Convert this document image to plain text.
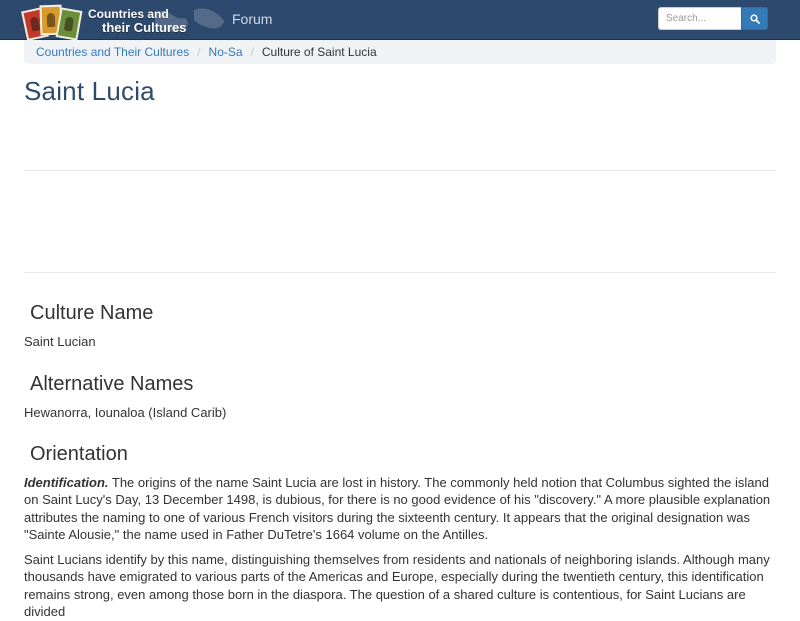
Countries and
their Cultures
Forum
Search...
Countries and Their Cultures / No-Sa / Culture of Saint Lucia
Saint Lucia
Culture Name

Saint Lucian

Alternative Names

Hewanorra, Iounaloa (Island Carib)

Orientation

Identification. The origins of the name Saint Lucia are lost in history. The commonly held notion that Columbus sighted the island on Saint Lucy's Day, 13 December 1498, is dubious, for there is no good evidence of his "discovery." A more plausible explanation attributes the naming to one of various French visitors during the sixteenth century. It appears that the original designation was "Sainte Alousie," the name used in Father DuTetre's 1664 volume on the Antilles.

Saint Lucians identify by this name, distinguishing themselves from residents and nationals of neighboring islands. Although many thousands have emigrated to various parts of the Americas and Europe, especially during the twentieth century, this identification remains strong, even among those born in the diaspora. The question of a shared culture is contentious, for Saint Lucians are divided
